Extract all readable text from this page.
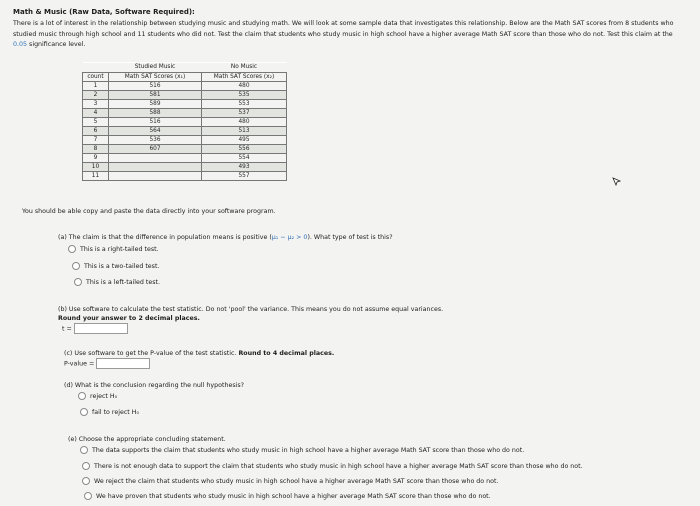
Math & Music (Raw Data, Software Required):
There is a lot of interest in the relationship between studying music and studying math. We will look at some sample data that investigates this relationship. Below are the Math SAT scores from 8 students who studied music through high school and 11 students who did not. Test the claim that students who study music in high school have a higher average Math SAT score than those who do not. Test this claim at the 0.05 significance level.
	Studied Music	No Music
count	Math SAT Scores (x₁)	Math SAT Scores (x₂)
1	516	480
2	581	535
3	589	553
4	588	537
5	516	480
6	564	513
7	536	495
8	607	556
9		554
10		493
11		557
You should be able copy and paste the data directly into your software program.
(a) The claim is that the difference in population means is positive (μ₁ − μ₂ > 0). What type of test is this?
This is a right-tailed test.
This is a two-tailed test.
This is a left-tailed test.
(b) Use software to calculate the test statistic. Do not 'pool' the variance. This means you do not assume equal variances.
Round your answer to 2 decimal places.
t =
(c) Use software to get the P-value of the test statistic. Round to 4 decimal places.
P-value =
(d) What is the conclusion regarding the null hypothesis?
reject H₀
fail to reject H₀
(e) Choose the appropriate concluding statement.
The data supports the claim that students who study music in high school have a higher average Math SAT score than those who do not.
There is not enough data to support the claim that students who study music in high school have a higher average Math SAT score than those who do not.
We reject the claim that students who study music in high school have a higher average Math SAT score than those who do not.
We have proven that students who study music in high school have a higher average Math SAT score than those who do not.
